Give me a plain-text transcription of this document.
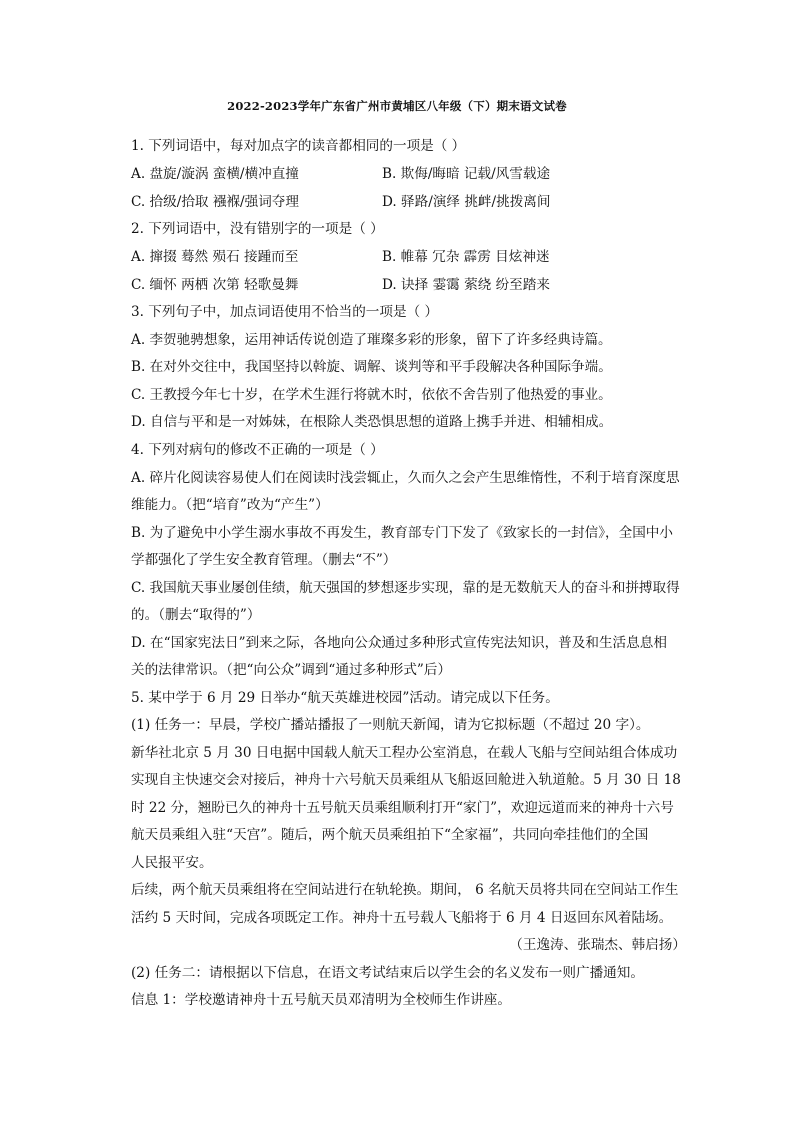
2022-2023学年广东省广州市黄埔区八年级（下）期末语文试卷
1. 下列词语中，每对加点字的读音都相同的一项是（ ）
A. 盘旋/漩涡 蛮横/横冲直撞	B. 欺侮/晦暗 记载/风雪载途
C. 拾级/拾取 襁褓/强词夺理	D. 驿路/演绎 挑衅/挑拨离间
2. 下列词语中，没有错别字的一项是（ ）
A. 撺掇 蓦然 殒石 接踵而至	B. 帷幕 冗杂 霹雳 目炫神迷
C. 缅怀 两栖 次第 轻歌曼舞	D. 诀择 霎霭 萦绕 纷至踏来
3. 下列句子中，加点词语使用不恰当的一项是（ ）
A. 李贺驰骋想象，运用神话传说创造了璀璨多彩的形象，留下了许多经典诗篇。
B. 在对外交往中，我国坚持以斡旋、调解、谈判等和平手段解决各种国际争端。
C. 王教授今年七十岁，在学术生涯行将就木时，依依不舍告别了他热爱的事业。
D. 自信与平和是一对姊妹，在根除人类恐惧思想的道路上携手并进、相辅相成。
4. 下列对病句的修改不正确的一项是（ ）
A. 碎片化阅读容易使人们在阅读时浅尝辄止，久而久之会产生思维惰性，不利于培育深度思
维能力。（把“培育”改为“产生”）
B. 为了避免中小学生溺水事故不再发生，教育部专门下发了《致家长的一封信》，全国中小
学都强化了学生安全教育管理。（删去“不”）
C. 我国航天事业屡创佳绩，航天强国的梦想逐步实现，靠的是无数航天人的奋斗和拼搏取得
的。（删去“取得的”）
D. 在“国家宪法日”到来之际，各地向公众通过多种形式宣传宪法知识，普及和生活息息相
关的法律常识。（把“向公众”调到“通过多种形式”后）
5. 某中学于 6 月 29 日举办“航天英雄进校园”活动。请完成以下任务。
(1) 任务一：早晨，学校广播站播报了一则航天新闻，请为它拟标题（不超过 20 字）。
新华社北京 5 月 30 日电据中国载人航天工程办公室消息，在载人飞船与空间站组合体成功
实现自主快速交会对接后，神舟十六号航天员乘组从飞船返回舱进入轨道舱。5 月 30 日 18
时 22 分，翘盼已久的神舟十五号航天员乘组顺利打开“家门”，欢迎远道而来的神舟十六号
航天员乘组入驻“天宫”。随后，两个航天员乘组拍下“全家福”，共同向牵挂他们的全国
人民报平安。
后续，两个航天员乘组将在空间站进行在轨轮换。期间， 6 名航天员将共同在空间站工作生
活约 5 天时间，完成各项既定工作。神舟十五号载人飞船将于 6 月 4 日返回东风着陆场。
（王逸涛、张瑞杰、韩启扬）
(2) 任务二：请根据以下信息，在语文考试结束后以学生会的名义发布一则广播通知。
信息 1：学校邀请神舟十五号航天员邓清明为全校师生作讲座。
